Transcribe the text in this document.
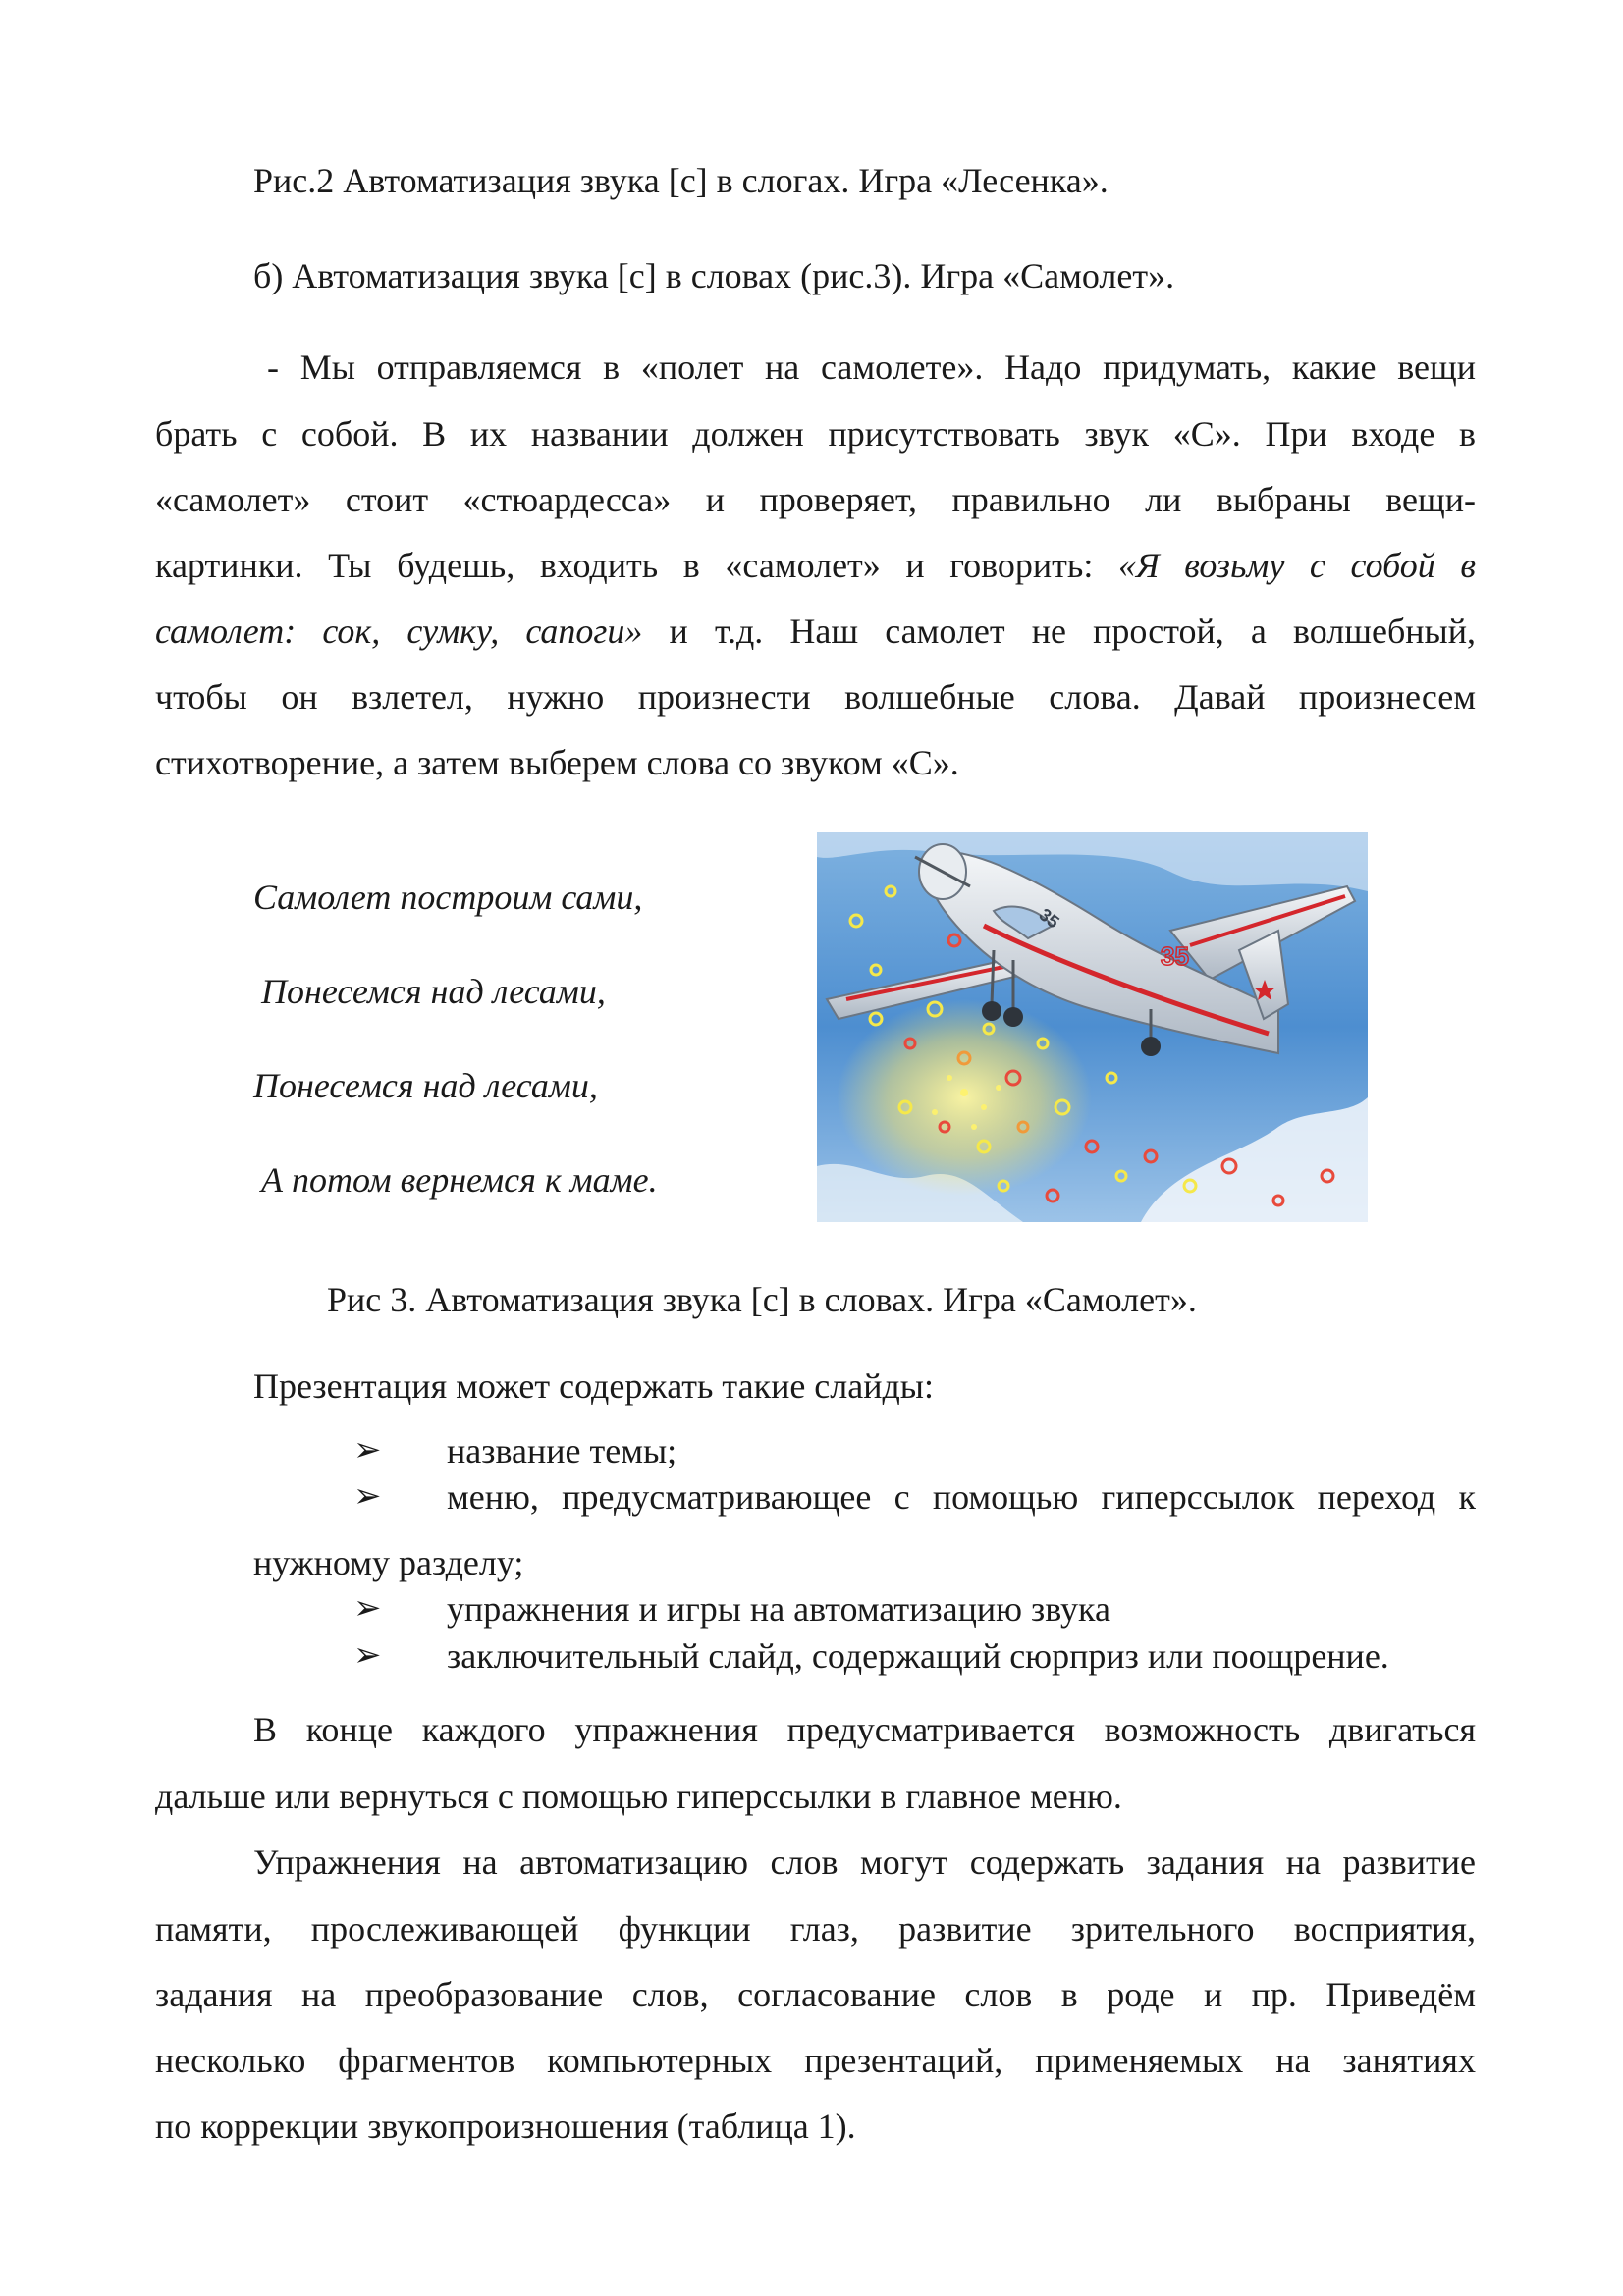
Рис.2 Автоматизация звука [с] в слогах. Игра «Лесенка».
б) Автоматизация звука [с] в словах (рис.3). Игра «Самолет».
- Мы отправляемся в «полет на самолете». Надо придумать, какие вещи
брать с собой. В их названии должен присутствовать звук «С». При входе в
«самолет» стоит «стюардесса» и проверяет, правильно ли выбраны вещи-
картинки. Ты будешь, входить в «самолет» и говорить: «Я возьму с собой в
самолет: сок, сумку, сапоги» и т.д. Наш самолет не простой, а волшебный,
чтобы он взлетел, нужно произнести волшебные слова. Давай произнесем
стихотворение, а затем выберем слова со звуком «С».
Самолет построим сами,
Понесемся над лесами,
Понесемся над лесами,
А потом вернемся к маме.
35
35
Рис 3. Автоматизация звука [с] в словах. Игра «Самолет».
Презентация может содержать такие слайды:
➢ название темы;
➢ меню, предусматривающее с помощью гиперссылок переход к
нужному разделу;
➢ упражнения и игры на автоматизацию звука
➢ заключительный слайд, содержащий сюрприз или поощрение.
В конце каждого упражнения предусматривается возможность двигаться
дальше или вернуться с помощью гиперссылки в главное меню.
Упражнения на автоматизацию слов могут содержать задания на развитие
памяти, прослеживающей функции глаз, развитие зрительного восприятия,
задания на преобразование слов, согласование слов в роде и пр. Приведём
несколько фрагментов компьютерных презентаций, применяемых на занятиях
по коррекции звукопроизношения (таблица 1).
